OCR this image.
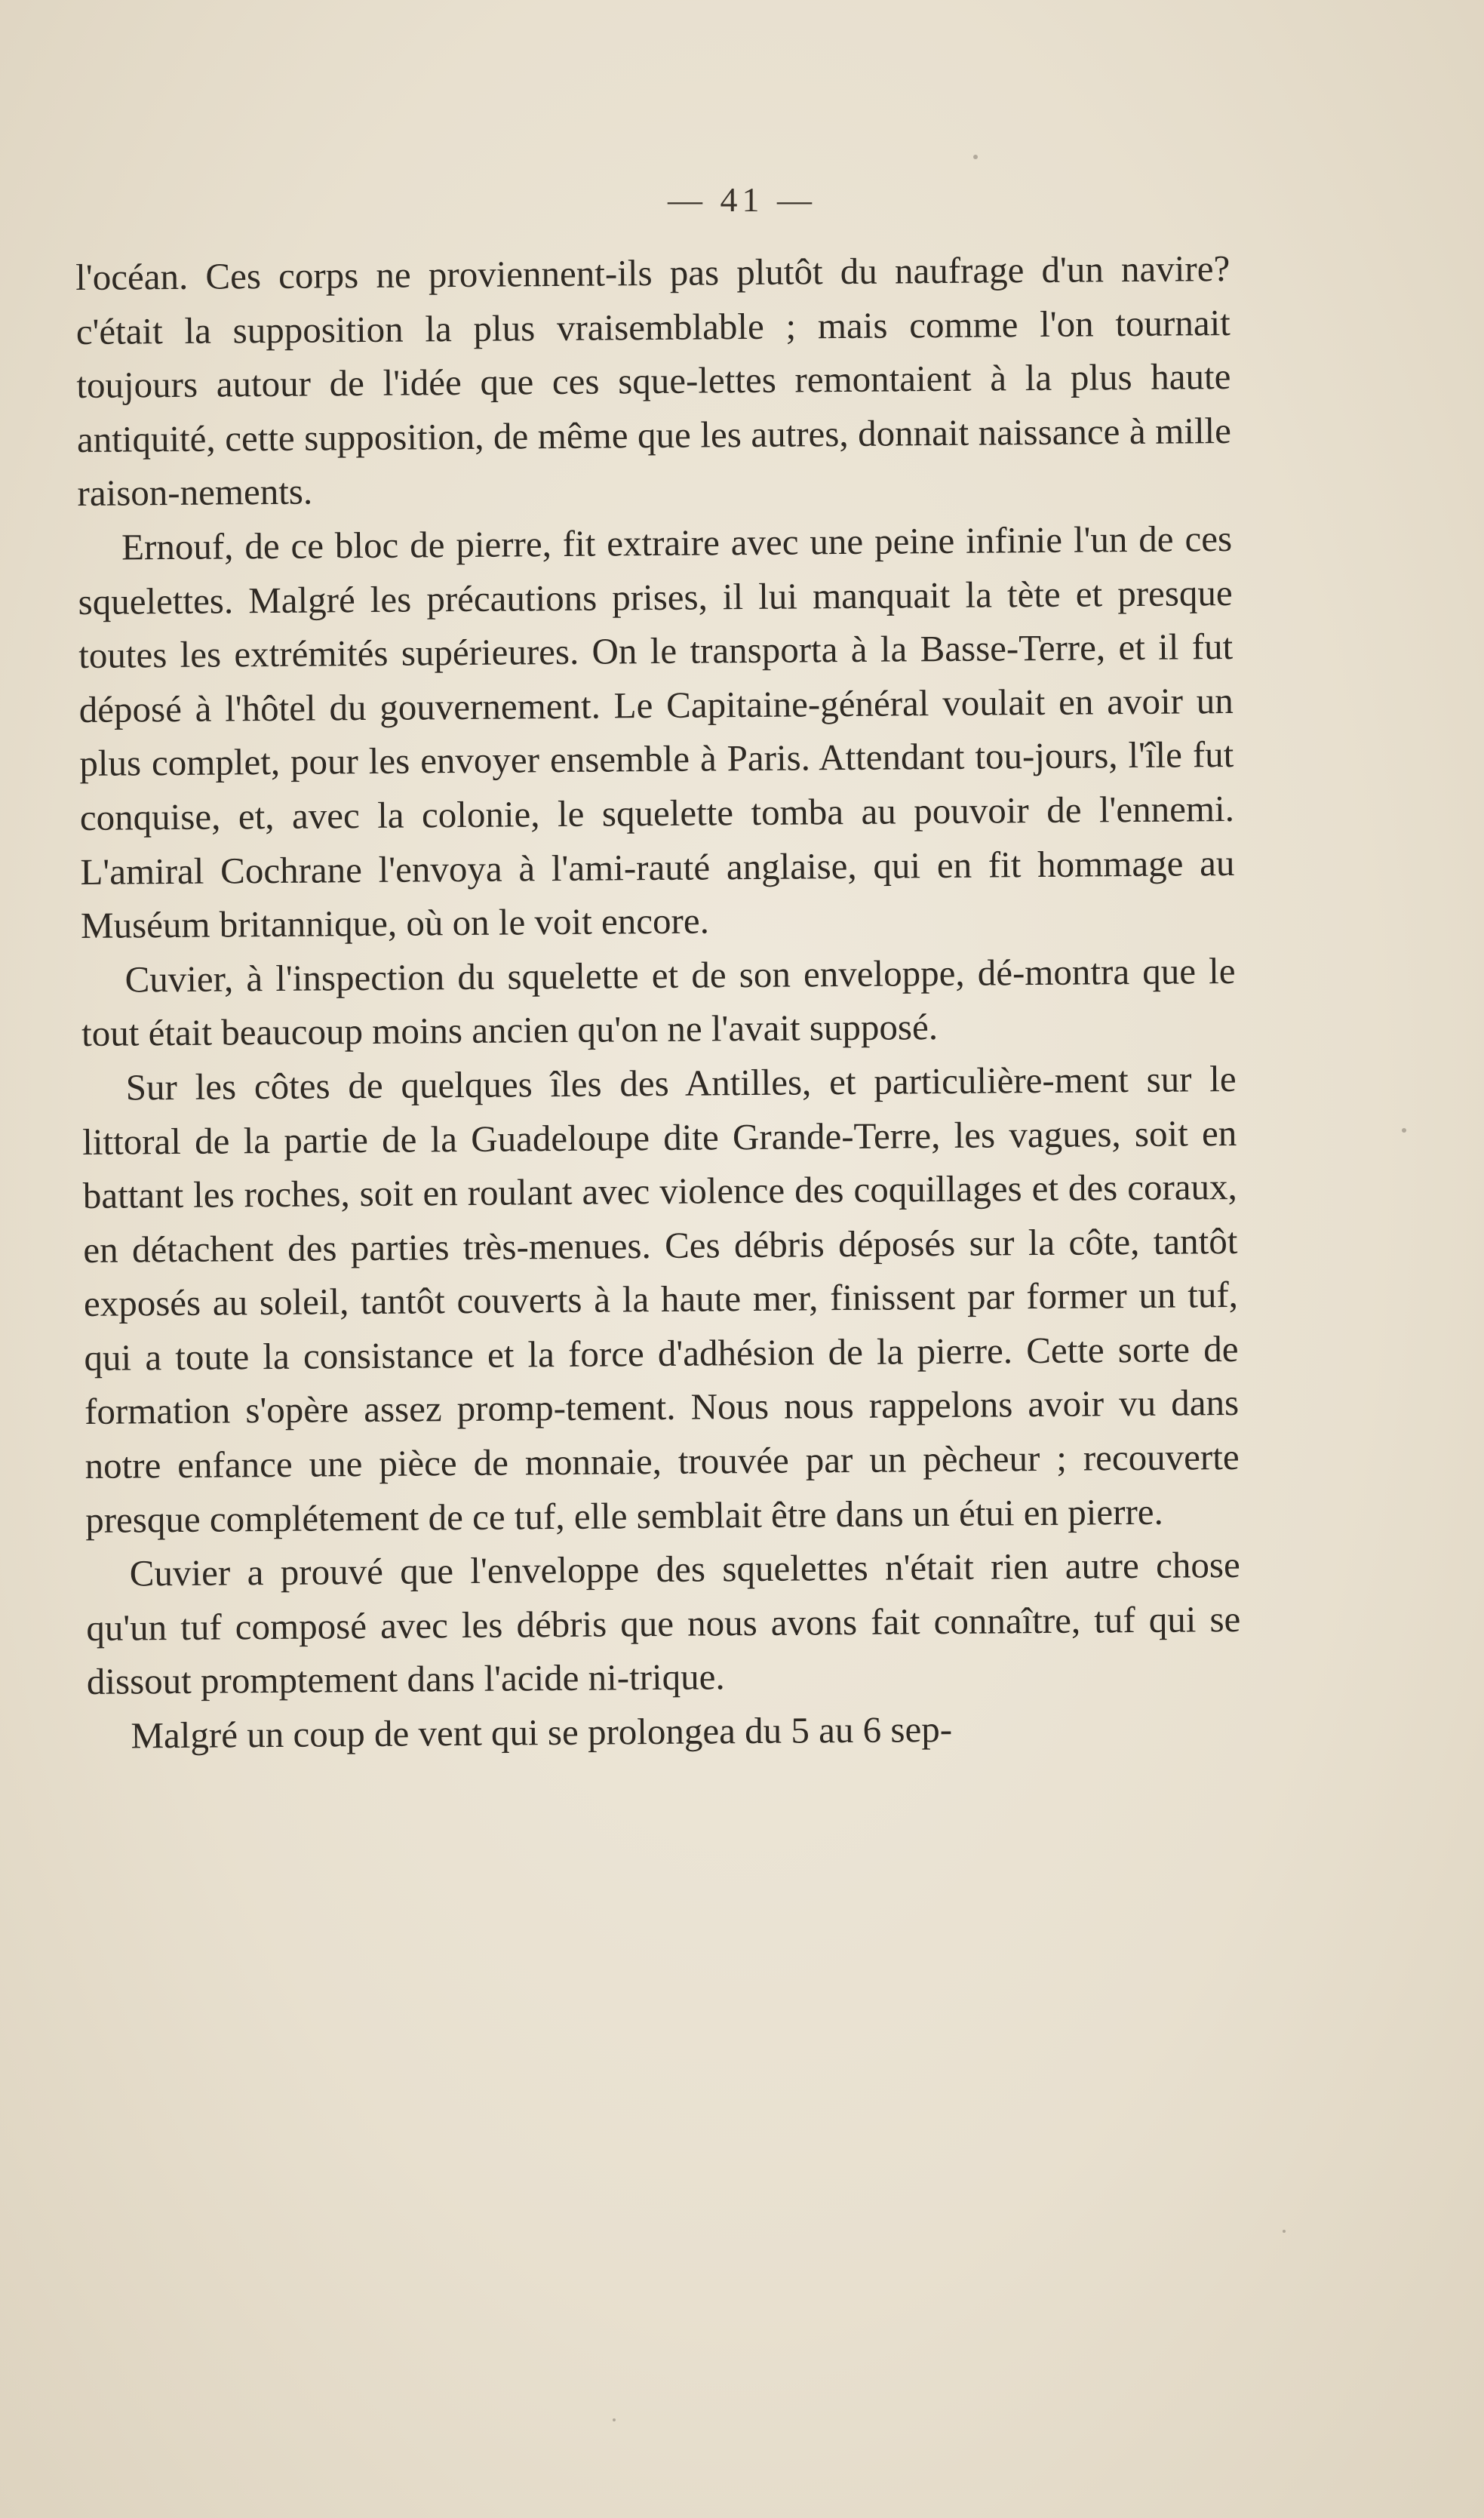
— 41 —

l'océan. Ces corps ne proviennent-ils pas plutôt du naufrage d'un navire? c'était la supposition la plus vraisemblable ; mais comme l'on tournait toujours autour de l'idée que ces sque-lettes remontaient à la plus haute antiquité, cette supposition, de même que les autres, donnait naissance à mille raison-nements.

Ernouf, de ce bloc de pierre, fit extraire avec une peine infinie l'un de ces squelettes. Malgré les précautions prises, il lui manquait la tète et presque toutes les extrémités supérieures. On le transporta à la Basse-Terre, et il fut déposé à l'hôtel du gouvernement. Le Capitaine-général voulait en avoir un plus complet, pour les envoyer ensemble à Paris. Attendant tou-jours, l'île fut conquise, et, avec la colonie, le squelette tomba au pouvoir de l'ennemi. L'amiral Cochrane l'envoya à l'ami-rauté anglaise, qui en fit hommage au Muséum britannique, où on le voit encore.

Cuvier, à l'inspection du squelette et de son enveloppe, dé-montra que le tout était beaucoup moins ancien qu'on ne l'avait supposé.

Sur les côtes de quelques îles des Antilles, et particulière-ment sur le littoral de la partie de la Guadeloupe dite Grande-Terre, les vagues, soit en battant les roches, soit en roulant avec violence des coquillages et des coraux, en détachent des parties très-menues. Ces débris déposés sur la côte, tantôt exposés au soleil, tantôt couverts à la haute mer, finissent par former un tuf, qui a toute la consistance et la force d'adhésion de la pierre. Cette sorte de formation s'opère assez promp-tement. Nous nous rappelons avoir vu dans notre enfance une pièce de monnaie, trouvée par un pècheur ; recouverte presque complétement de ce tuf, elle semblait être dans un étui en pierre.

Cuvier a prouvé que l'enveloppe des squelettes n'était rien autre chose qu'un tuf composé avec les débris que nous avons fait connaître, tuf qui se dissout promptement dans l'acide ni-trique.

Malgré un coup de vent qui se prolongea du 5 au 6 sep-
